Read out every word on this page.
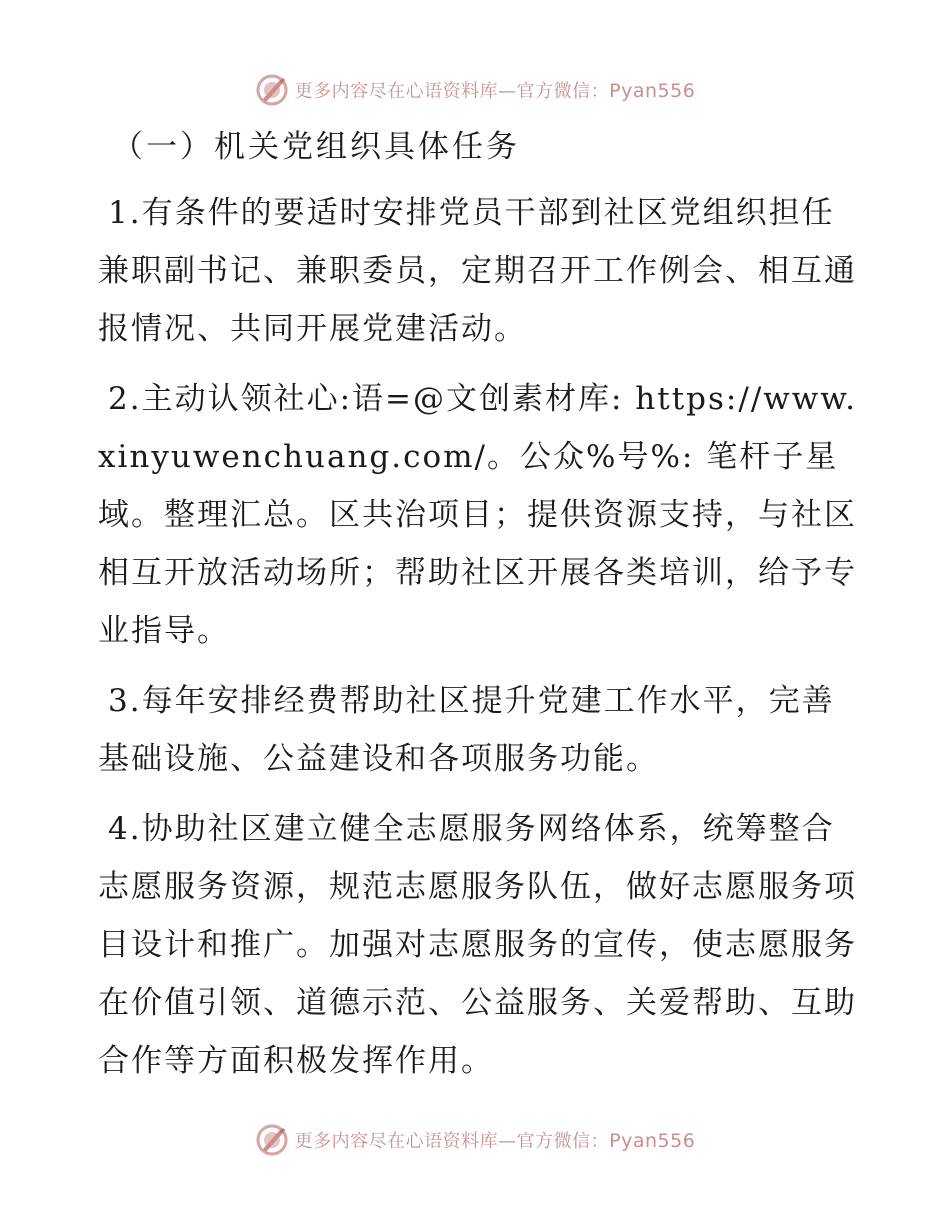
更多内容尽在心语资料库—官方微信：Pyan556
（一）机关党组织具体任务
1.有条件的要适时安排党员干部到社区党组织担任兼职副书记、兼职委员，定期召开工作例会、相互通报情况、共同开展党建活动。
2.主动认领社心:语=@文创素材库: https://www.xinyuwenchuang.com/。公众%号%: 笔杆子星域。整理汇总。区共治项目；提供资源支持，与社区相互开放活动场所；帮助社区开展各类培训，给予专业指导。
3.每年安排经费帮助社区提升党建工作水平，完善基础设施、公益建设和各项服务功能。
4.协助社区建立健全志愿服务网络体系，统筹整合志愿服务资源，规范志愿服务队伍，做好志愿服务项目设计和推广。加强对志愿服务的宣传，使志愿服务在价值引领、道德示范、公益服务、关爱帮助、互助合作等方面积极发挥作用。
更多内容尽在心语资料库—官方微信：Pyan556
